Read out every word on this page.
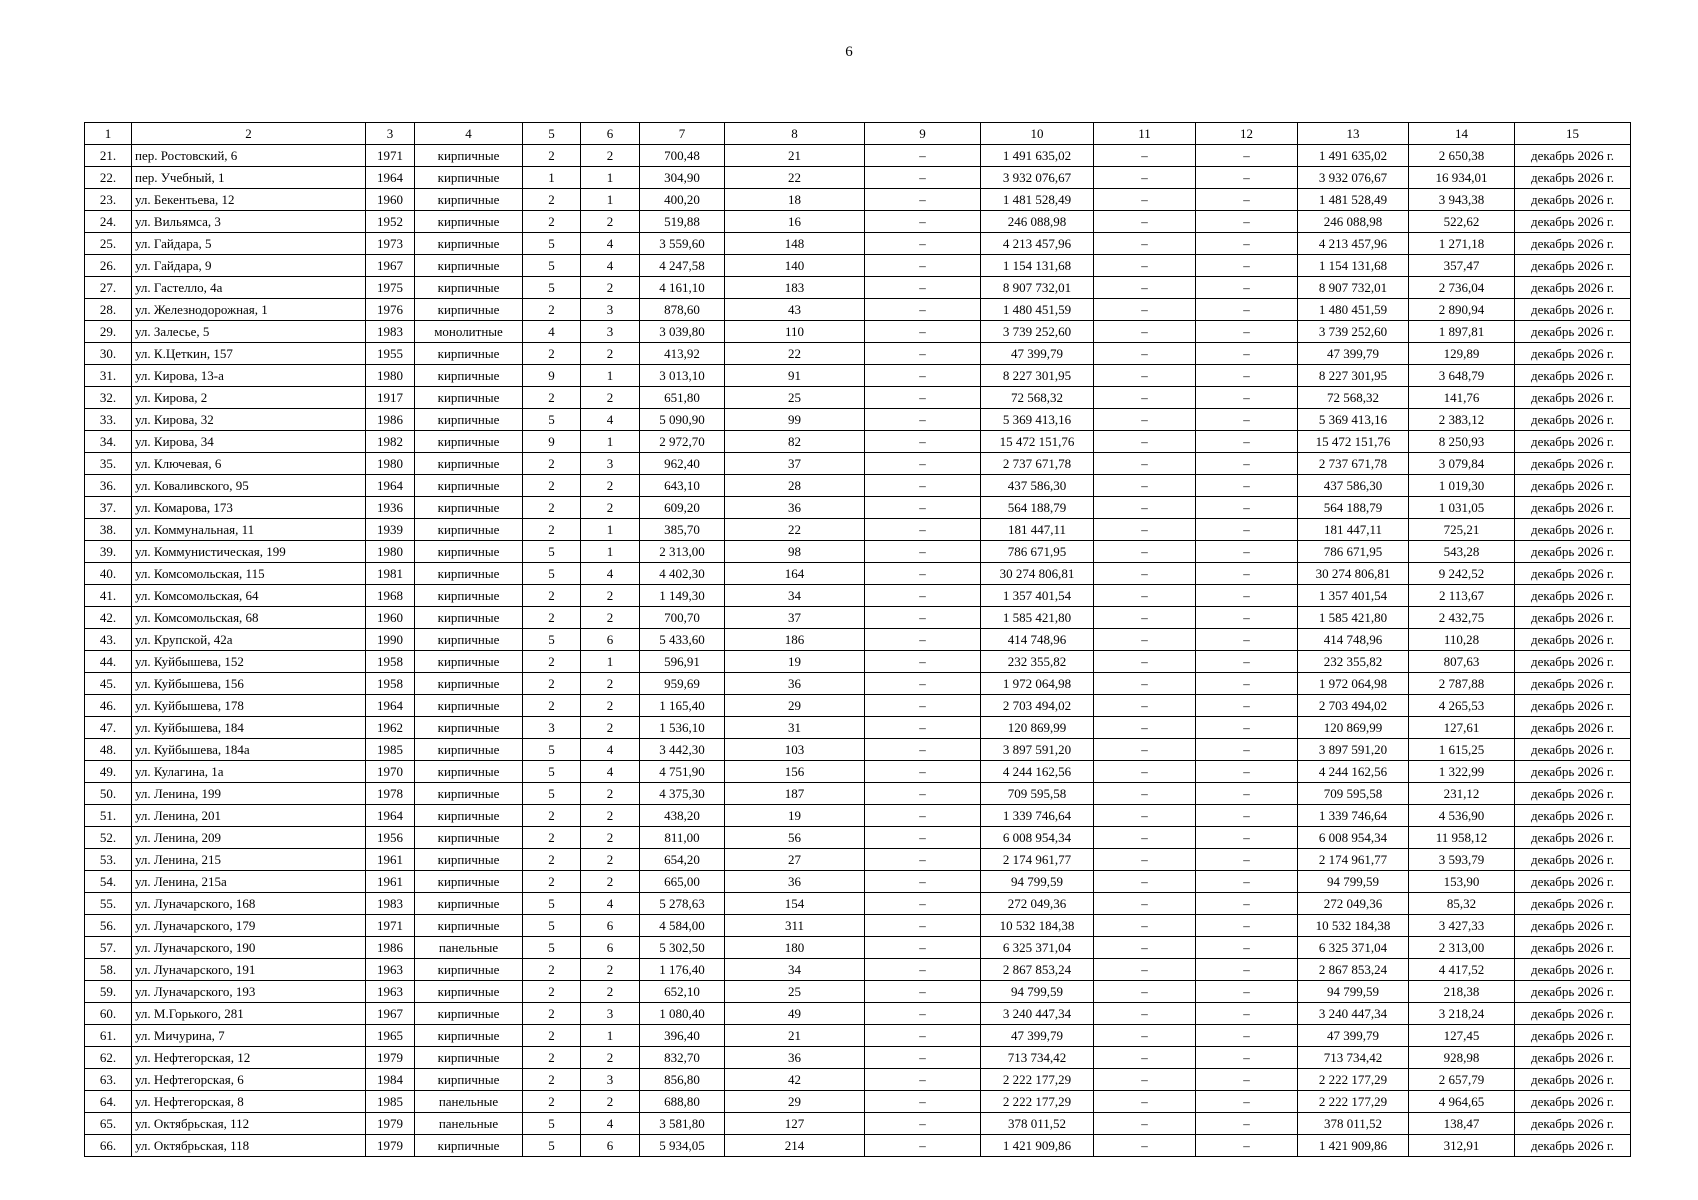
6
1	2	3	4	5	6	7	8	9	10	11	12	13	14	15
21.	пер. Ростовский, 6	1971	кирпичные	2	2	700,48	21	–	1 491 635,02	–	–	1 491 635,02	2 650,38	декабрь 2026 г.
22.	пер. Учебный, 1	1964	кирпичные	1	1	304,90	22	–	3 932 076,67	–	–	3 932 076,67	16 934,01	декабрь 2026 г.
23.	ул. Бекентьева, 12	1960	кирпичные	2	1	400,20	18	–	1 481 528,49	–	–	1 481 528,49	3 943,38	декабрь 2026 г.
24.	ул. Вильямса, 3	1952	кирпичные	2	2	519,88	16	–	246 088,98	–	–	246 088,98	522,62	декабрь 2026 г.
25.	ул. Гайдара, 5	1973	кирпичные	5	4	3 559,60	148	–	4 213 457,96	–	–	4 213 457,96	1 271,18	декабрь 2026 г.
26.	ул. Гайдара, 9	1967	кирпичные	5	4	4 247,58	140	–	1 154 131,68	–	–	1 154 131,68	357,47	декабрь 2026 г.
27.	ул. Гастелло, 4а	1975	кирпичные	5	2	4 161,10	183	–	8 907 732,01	–	–	8 907 732,01	2 736,04	декабрь 2026 г.
28.	ул. Железнодорожная, 1	1976	кирпичные	2	3	878,60	43	–	1 480 451,59	–	–	1 480 451,59	2 890,94	декабрь 2026 г.
29.	ул. Залесье, 5	1983	монолитные	4	3	3 039,80	110	–	3 739 252,60	–	–	3 739 252,60	1 897,81	декабрь 2026 г.
30.	ул. К.Цеткин, 157	1955	кирпичные	2	2	413,92	22	–	47 399,79	–	–	47 399,79	129,89	декабрь 2026 г.
31.	ул. Кирова, 13-а	1980	кирпичные	9	1	3 013,10	91	–	8 227 301,95	–	–	8 227 301,95	3 648,79	декабрь 2026 г.
32.	ул. Кирова, 2	1917	кирпичные	2	2	651,80	25	–	72 568,32	–	–	72 568,32	141,76	декабрь 2026 г.
33.	ул. Кирова, 32	1986	кирпичные	5	4	5 090,90	99	–	5 369 413,16	–	–	5 369 413,16	2 383,12	декабрь 2026 г.
34.	ул. Кирова, 34	1982	кирпичные	9	1	2 972,70	82	–	15 472 151,76	–	–	15 472 151,76	8 250,93	декабрь 2026 г.
35.	ул. Ключевая, 6	1980	кирпичные	2	3	962,40	37	–	2 737 671,78	–	–	2 737 671,78	3 079,84	декабрь 2026 г.
36.	ул. Коваливского, 95	1964	кирпичные	2	2	643,10	28	–	437 586,30	–	–	437 586,30	1 019,30	декабрь 2026 г.
37.	ул. Комарова, 173	1936	кирпичные	2	2	609,20	36	–	564 188,79	–	–	564 188,79	1 031,05	декабрь 2026 г.
38.	ул. Коммунальная, 11	1939	кирпичные	2	1	385,70	22	–	181 447,11	–	–	181 447,11	725,21	декабрь 2026 г.
39.	ул. Коммунистическая, 199	1980	кирпичные	5	1	2 313,00	98	–	786 671,95	–	–	786 671,95	543,28	декабрь 2026 г.
40.	ул. Комсомольская, 115	1981	кирпичные	5	4	4 402,30	164	–	30 274 806,81	–	–	30 274 806,81	9 242,52	декабрь 2026 г.
41.	ул. Комсомольская, 64	1968	кирпичные	2	2	1 149,30	34	–	1 357 401,54	–	–	1 357 401,54	2 113,67	декабрь 2026 г.
42.	ул. Комсомольская, 68	1960	кирпичные	2	2	700,70	37	–	1 585 421,80	–	–	1 585 421,80	2 432,75	декабрь 2026 г.
43.	ул. Крупской, 42а	1990	кирпичные	5	6	5 433,60	186	–	414 748,96	–	–	414 748,96	110,28	декабрь 2026 г.
44.	ул. Куйбышева, 152	1958	кирпичные	2	1	596,91	19	–	232 355,82	–	–	232 355,82	807,63	декабрь 2026 г.
45.	ул. Куйбышева, 156	1958	кирпичные	2	2	959,69	36	–	1 972 064,98	–	–	1 972 064,98	2 787,88	декабрь 2026 г.
46.	ул. Куйбышева, 178	1964	кирпичные	2	2	1 165,40	29	–	2 703 494,02	–	–	2 703 494,02	4 265,53	декабрь 2026 г.
47.	ул. Куйбышева, 184	1962	кирпичные	3	2	1 536,10	31	–	120 869,99	–	–	120 869,99	127,61	декабрь 2026 г.
48.	ул. Куйбышева, 184а	1985	кирпичные	5	4	3 442,30	103	–	3 897 591,20	–	–	3 897 591,20	1 615,25	декабрь 2026 г.
49.	ул. Кулагина, 1а	1970	кирпичные	5	4	4 751,90	156	–	4 244 162,56	–	–	4 244 162,56	1 322,99	декабрь 2026 г.
50.	ул. Ленина, 199	1978	кирпичные	5	2	4 375,30	187	–	709 595,58	–	–	709 595,58	231,12	декабрь 2026 г.
51.	ул. Ленина, 201	1964	кирпичные	2	2	438,20	19	–	1 339 746,64	–	–	1 339 746,64	4 536,90	декабрь 2026 г.
52.	ул. Ленина, 209	1956	кирпичные	2	2	811,00	56	–	6 008 954,34	–	–	6 008 954,34	11 958,12	декабрь 2026 г.
53.	ул. Ленина, 215	1961	кирпичные	2	2	654,20	27	–	2 174 961,77	–	–	2 174 961,77	3 593,79	декабрь 2026 г.
54.	ул. Ленина, 215а	1961	кирпичные	2	2	665,00	36	–	94 799,59	–	–	94 799,59	153,90	декабрь 2026 г.
55.	ул. Луначарского, 168	1983	кирпичные	5	4	5 278,63	154	–	272 049,36	–	–	272 049,36	85,32	декабрь 2026 г.
56.	ул. Луначарского, 179	1971	кирпичные	5	6	4 584,00	311	–	10 532 184,38	–	–	10 532 184,38	3 427,33	декабрь 2026 г.
57.	ул. Луначарского, 190	1986	панельные	5	6	5 302,50	180	–	6 325 371,04	–	–	6 325 371,04	2 313,00	декабрь 2026 г.
58.	ул. Луначарского, 191	1963	кирпичные	2	2	1 176,40	34	–	2 867 853,24	–	–	2 867 853,24	4 417,52	декабрь 2026 г.
59.	ул. Луначарского, 193	1963	кирпичные	2	2	652,10	25	–	94 799,59	–	–	94 799,59	218,38	декабрь 2026 г.
60.	ул. М.Горького, 281	1967	кирпичные	2	3	1 080,40	49	–	3 240 447,34	–	–	3 240 447,34	3 218,24	декабрь 2026 г.
61.	ул. Мичурина, 7	1965	кирпичные	2	1	396,40	21	–	47 399,79	–	–	47 399,79	127,45	декабрь 2026 г.
62.	ул. Нефтегорская, 12	1979	кирпичные	2	2	832,70	36	–	713 734,42	–	–	713 734,42	928,98	декабрь 2026 г.
63.	ул. Нефтегорская, 6	1984	кирпичные	2	3	856,80	42	–	2 222 177,29	–	–	2 222 177,29	2 657,79	декабрь 2026 г.
64.	ул. Нефтегорская, 8	1985	панельные	2	2	688,80	29	–	2 222 177,29	–	–	2 222 177,29	4 964,65	декабрь 2026 г.
65.	ул. Октябрьская, 112	1979	панельные	5	4	3 581,80	127	–	378 011,52	–	–	378 011,52	138,47	декабрь 2026 г.
66.	ул. Октябрьская, 118	1979	кирпичные	5	6	5 934,05	214	–	1 421 909,86	–	–	1 421 909,86	312,91	декабрь 2026 г.
